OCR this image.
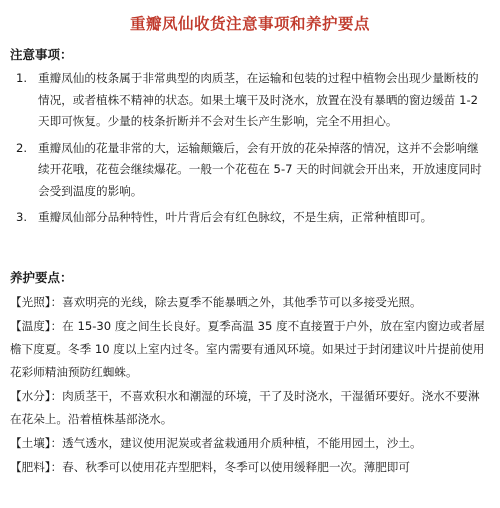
重瓣凤仙收货注意事项和养护要点
注意事项：
1. 重瓣凤仙的枝条属于非常典型的肉质茎，在运输和包装的过程中植物会出现少量断枝的情况，或者植株不精神的状态。如果土壤干及时浇水，放置在没有暴晒的窗边缓苗 1-2 天即可恢复。少量的枝条折断并不会对生长产生影响，完全不用担心。
2. 重瓣凤仙的花量非常的大，运输颠簸后，会有开放的花朵掉落的情况，这并不会影响继续开花哦，花苞会继续爆花。一般一个花苞在 5-7 天的时间就会开出来，开放速度同时会受到温度的影响。
3. 重瓣凤仙部分品种特性，叶片背后会有红色脉纹，不是生病，正常种植即可。
养护要点：
【光照】：喜欢明亮的光线，除去夏季不能暴晒之外，其他季节可以多接受光照。
【温度】：在 15-30 度之间生长良好。夏季高温 35 度不直接置于户外，放在室内窗边或者屋檐下度夏。冬季 10 度以上室内过冬。室内需要有通风环境。如果过于封闭建议叶片提前使用花彩师精油预防红蜘蛛。
【水分】：肉质茎干，不喜欢积水和潮湿的环境，干了及时浇水，干湿循环要好。浇水不要淋在花朵上。沿着植株基部浇水。
【土壤】：透气透水，建议使用泥炭或者盆栽通用介质种植，不能用园土，沙土。
【肥料】：春、秋季可以使用花卉型肥料，冬季可以使用缓释肥一次。薄肥即可
